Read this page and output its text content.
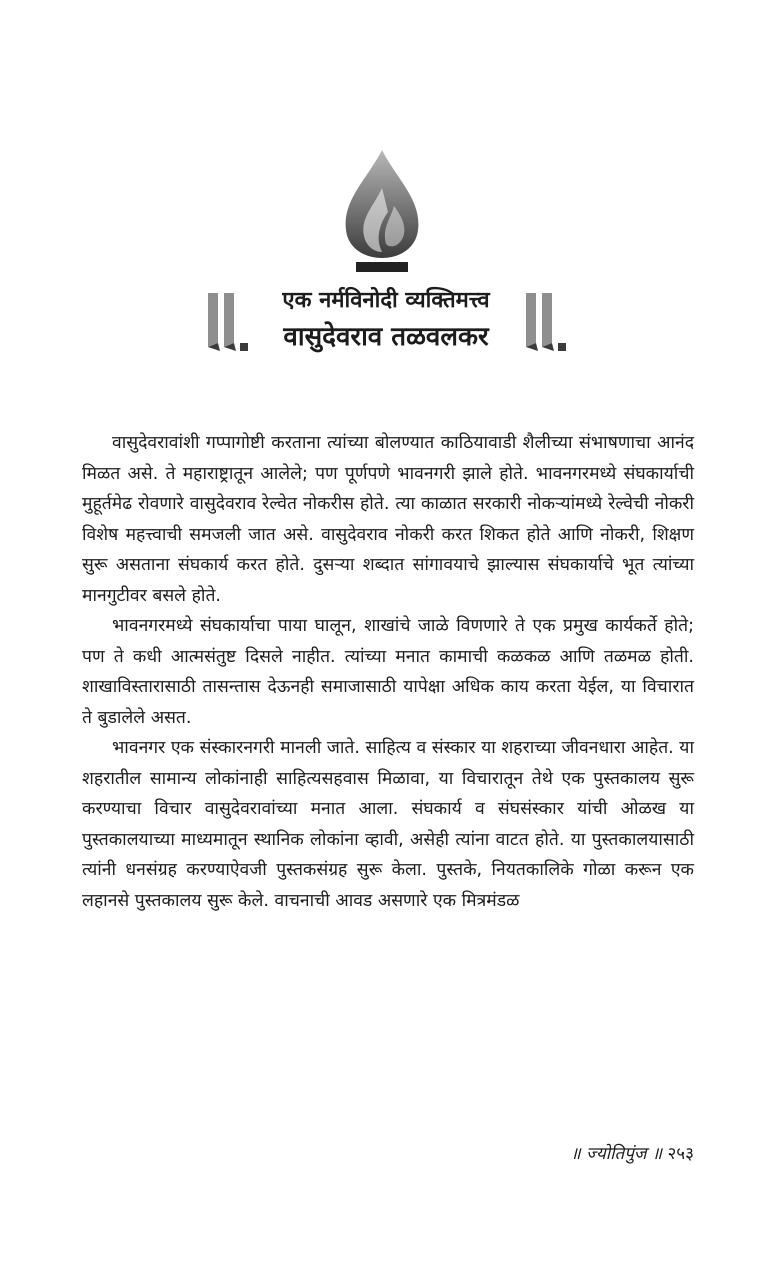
एक नर्मविनोदी व्यक्तिमत्त्व
वासुदेवराव तळवलकर

वासुदेवरावांशी गप्पागोष्टी करताना त्यांच्या बोलण्यात काठियावाडी शैलीच्या संभाषणाचा आनंद मिळत असे. ते महाराष्ट्रातून आलेले; पण पूर्णपणे भावनगरी झाले होते. भावनगरमध्ये संघकार्याची मुहूर्तमेढ रोवणारे वासुदेवराव रेल्वेत नोकरीस होते. त्या काळात सरकारी नोकऱ्यांमध्ये रेल्वेची नोकरी विशेष महत्त्वाची समजली जात असे. वासुदेवराव नोकरी करत शिकत होते आणि नोकरी, शिक्षण सुरू असताना संघकार्य करत होते. दुसऱ्या शब्दात सांगावयाचे झाल्यास संघकार्याचे भूत त्यांच्या मानगुटीवर बसले होते.

भावनगरमध्ये संघकार्याचा पाया घालून, शाखांचे जाळे विणणारे ते एक प्रमुख कार्यकर्ते होते; पण ते कधी आत्मसंतुष्ट दिसले नाहीत. त्यांच्या मनात कामाची कळकळ आणि तळमळ होती. शाखाविस्तारासाठी तासन्तास देऊनही समाजासाठी यापेक्षा अधिक काय करता येईल, या विचारात ते बुडालेले असत.

भावनगर एक संस्कारनगरी मानली जाते. साहित्य व संस्कार या शहराच्या जीवनधारा आहेत. या शहरातील सामान्य लोकांनाही साहित्यसहवास मिळावा, या विचारातून तेथे एक पुस्तकालय सुरू करण्याचा विचार वासुदेवरावांच्या मनात आला. संघकार्य व संघसंस्कार यांची ओळख या पुस्तकालयाच्या माध्यमातून स्थानिक लोकांना व्हावी, असेही त्यांना वाटत होते. या पुस्तकालयासाठी त्यांनी धनसंग्रह करण्याऐवजी पुस्तकसंग्रह सुरू केला. पुस्तके, नियतकालिके गोळा करून एक लहानसे पुस्तकालय सुरू केले. वाचनाची आवड असणारे एक मित्रमंडळ

॥ ज्योतिपुंज ॥ २५३
